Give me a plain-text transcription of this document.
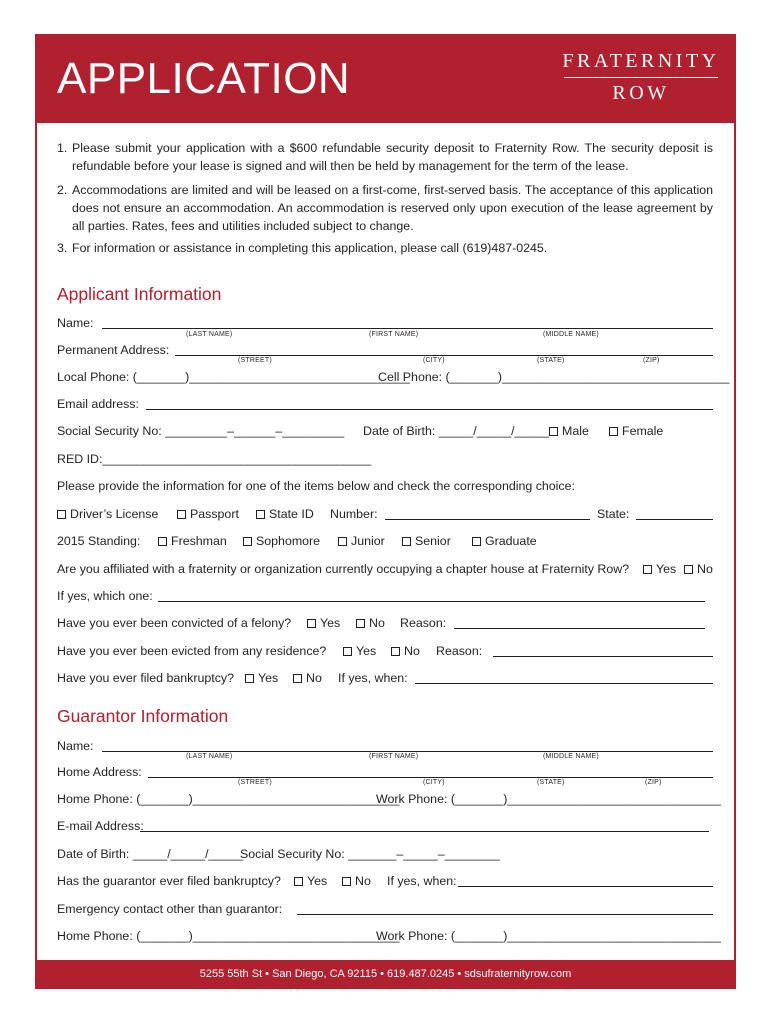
APPLICATION	FRATERNITY
ROW
1. Please submit your application with a $600 refundable security deposit to Fraternity Row. The security deposit is refundable before your lease is signed and will then be held by management for the term of the lease.
2. Accommodations are limited and will be leased on a first-come, first-served basis. The acceptance of this application does not ensure an accommodation. An accommodation is reserved only upon execution of the lease agreement by all parties. Rates, fees and utilities included subject to change.
3. For information or assistance in completing this application, please call (619)487-0245.
Applicant Information
Name:
(LAST NAME)	(FIRST NAME)	(MIDDLE NAME)
Permanent Address:
(STREET)	(CITY)	(STATE)	(ZIP)
Local Phone: (_______)________________________________
Cell Phone: (_______)_________________________________
Email address:
Social Security No: _________–______–_________ Date of Birth: _____/_____/_____	Male	Female
RED ID:_______________________________________
Please provide the information for one of the items below and check the corresponding choice:
Driver’s License	Passport	State ID Number:	State:
2015 Standing:	Freshman	Sophomore	Junior	Senior	Graduate
Are you affiliated with a fraternity or organization currently occupying a chapter house at Fraternity Row?	Yes	No
If yes, which one:
Have you ever been convicted of a felony?	Yes	No Reason:
Have you ever been evicted from any residence?	Yes	No Reason:
Have you ever filed bankruptcy?	Yes	No If yes, when:
Guarantor Information
Name:
(LAST NAME)	(FIRST NAME)	(MIDDLE NAME)
Home Address:
(STREET)	(CITY)	(STATE)	(ZIP)
Home Phone: (_______)______________________________
Work Phone: (_______)_______________________________
E-mail Address:
Date of Birth: _____/_____/_____
Social Security No: _______–_____–________
Has the guarantor ever filed bankruptcy?	Yes	No If yes, when:
Emergency contact other than guarantor:
Home Phone: (_______)______________________________
Work Phone: (_______)_______________________________
5255 55th St • San Diego, CA 92115 • 619.487.0245 • sdsufraternityrow.com
